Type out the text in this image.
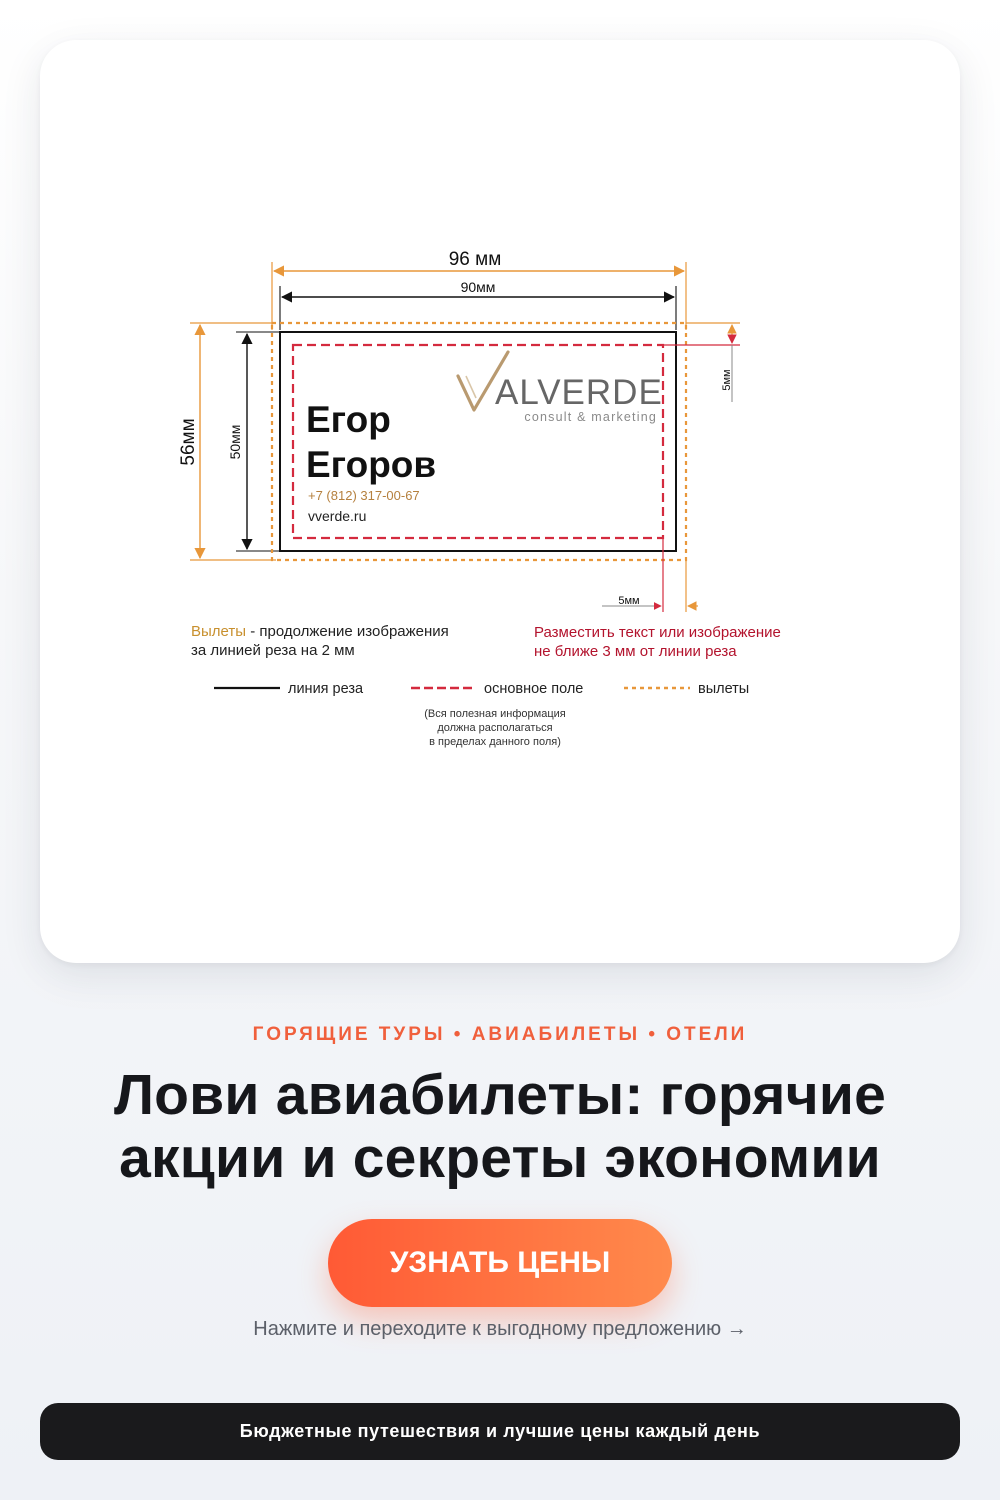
96 мм
90мм
56мм 50мм
ALVERDE
consult & marketing
Егор
Егоров
+7 (812) 317-00-67
vverde.ru
5мм
5мм
Вылеты - продолжение изображения
за линией реза на 2 мм
Разместить текст или изображение
не ближе 3 мм от линии реза
линия реза	основное поле	вылеты
(Вся полезная информация
должна располагаться
в пределах данного поля)
ГОРЯЩИЕ ТУРЫ • АВИАБИЛЕТЫ • ОТЕЛИ
Лови авиабилеты: горячие акции и секреты экономии
УЗНАТЬ ЦЕНЫ
Нажмите и переходите к выгодному предложению →
Бюджетные путешествия и лучшие цены каждый день
